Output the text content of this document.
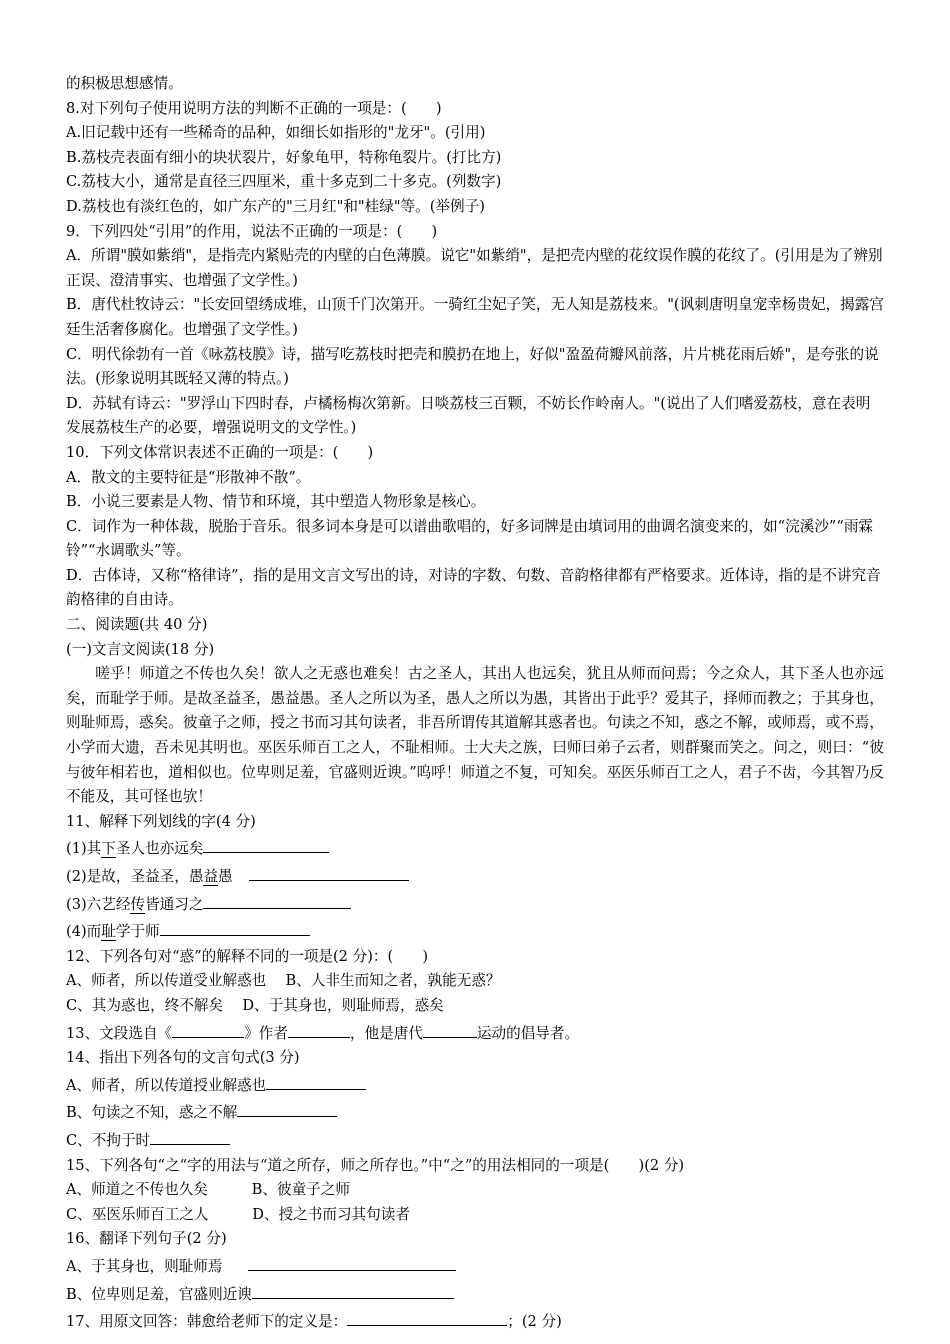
的积极思想感情。
8.对下列句子使用说明方法的判断不正确的一项是：(　　)
A.旧记载中还有一些稀奇的品种，如细长如指形的"龙牙"。(引用)
B.荔枝壳表面有细小的块状裂片，好象龟甲，特称龟裂片。(打比方)
C.荔枝大小，通常是直径三四厘米，重十多克到二十多克。(列数字)
D.荔枝也有淡红色的，如广东产的"三月红"和"桂绿"等。(举例子)
9．下列四处“引用”的作用，说法不正确的一项是：(　　)
A．所谓"膜如紫绡"，是指壳内紧贴壳的内壁的白色薄膜。说它"如紫绡"，是把壳内壁的花纹误作膜的花纹了。(引用是为了辨别正误、澄清事实、也增强了文学性。)
B．唐代杜牧诗云："长安回望绣成堆，山顶千门次第开。一骑红尘妃子笑，无人知是荔枝来。"(讽刺唐明皇宠幸杨贵妃，揭露宫廷生活奢侈腐化。也增强了文学性。)
C．明代徐勃有一首《咏荔枝膜》诗，描写吃荔枝时把壳和膜扔在地上，好似"盈盈荷瓣风前落，片片桃花雨后娇"，是夸张的说法。(形象说明其既轻又薄的特点。)
D．苏轼有诗云："罗浮山下四时春，卢橘杨梅次第新。日啖荔枝三百颗，不妨长作岭南人。"(说出了人们嗜爱荔枝，意在表明发展荔枝生产的必要，增强说明文的文学性。)
10．下列文体常识表述不正确的一项是：(　　)
A．散文的主要特征是“形散神不散”。
B．小说三要素是人物、情节和环境，其中塑造人物形象是核心。
C．词作为一种体裁，脱胎于音乐。很多词本身是可以谱曲歌唱的，好多词牌是由填词用的曲调名演变来的，如“浣溪沙”“雨霖铃”“水调歌头”等。
D．古体诗，又称“格律诗”，指的是用文言文写出的诗，对诗的字数、句数、音韵格律都有严格要求。近体诗，指的是不讲究音韵格律的自由诗。
二、阅读题(共 40 分)
(一)文言文阅读(18 分)
嗟乎！师道之不传也久矣！欲人之无惑也难矣！古之圣人，其出人也远矣，犹且从师而问焉；今之众人，其下圣人也亦远矣，而耻学于师。是故圣益圣，愚益愚。圣人之所以为圣，愚人之所以为愚，其皆出于此乎？爱其子，择师而教之；于其身也，则耻师焉，惑矣。彼童子之师，授之书而习其句读者，非吾所谓传其道解其惑者也。句读之不知，惑之不解，或师焉，或不焉，小学而大遗，吾未见其明也。巫医乐师百工之人，不耻相师。士大夫之族，曰师曰弟子云者，则群聚而笑之。问之，则曰：“彼与彼年相若也，道相似也。位卑则足羞，官盛则近谀。”呜呼！师道之不复，可知矣。巫医乐师百工之人，君子不齿，今其智乃反不能及，其可怪也欤！
11、解释下列划线的字(4 分)
(1)其下圣人也亦远矣
(2)是故，圣益圣，愚益愚
(3)六艺经传皆通习之
(4)而耻学于师
12、下列各句对“惑”的解释不同的一项是(2 分)：(　　)
A、师者，所以传道受业解惑也　 B、人非生而知之者，孰能无惑？
C、其为惑也，终不解矣　 D、于其身也，则耻师焉，惑矣
13、文段选自《	》作者	，他是唐代	运动的倡导者。
14、指出下列各句的文言句式(3 分)
A、师者，所以传道授业解惑也
B、句读之不知，惑之不解
C、不拘于时
15、下列各句“之“字的用法与“道之所存，师之所存也。”中“之”的用法相同的一项是(　　)(2 分)
A、师道之不传也久矣　　　B、彼童子之师
C、巫医乐师百工之人　　　D、授之书而习其句读者
16、翻译下列句子(2 分)
A、于其身也，则耻师焉
B、位卑则足羞，官盛则近谀
17、用原文回答：韩愈给老师下的定义是：	；(2 分)
